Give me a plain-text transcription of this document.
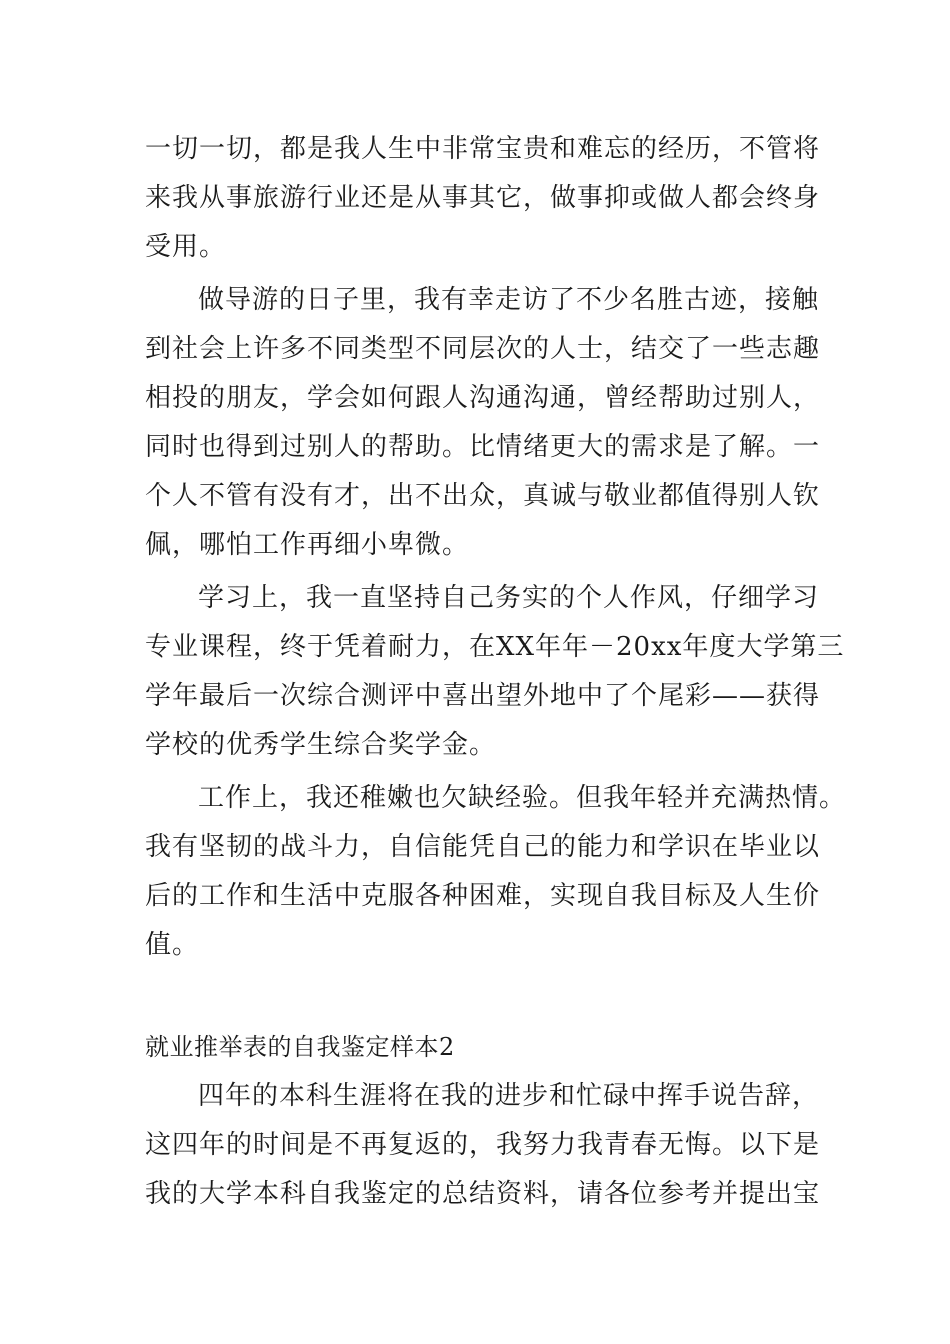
一切一切，都是我人生中非常宝贵和难忘的经历，不管将
来我从事旅游行业还是从事其它，做事抑或做人都会终身
受用。
做导游的日子里，我有幸走访了不少名胜古迹，接触
到社会上许多不同类型不同层次的人士，结交了一些志趣
相投的朋友，学会如何跟人沟通沟通，曾经帮助过别人，
同时也得到过别人的帮助。比情绪更大的需求是了解。一
个人不管有没有才，出不出众，真诚与敬业都值得别人钦
佩，哪怕工作再细小卑微。
学习上，我一直坚持自己务实的个人作风，仔细学习
专业课程，终于凭着耐力，在XX年年－20xx年度大学第三
学年最后一次综合测评中喜出望外地中了个尾彩——获得
学校的优秀学生综合奖学金。
工作上，我还稚嫩也欠缺经验。但我年轻并充满热情。
我有坚韧的战斗力，自信能凭自己的能力和学识在毕业以
后的工作和生活中克服各种困难，实现自我目标及人生价
值。
就业推举表的自我鉴定样本2
四年的本科生涯将在我的进步和忙碌中挥手说告辞，
这四年的时间是不再复返的，我努力我青春无悔。以下是
我的大学本科自我鉴定的总结资料，请各位参考并提出宝
